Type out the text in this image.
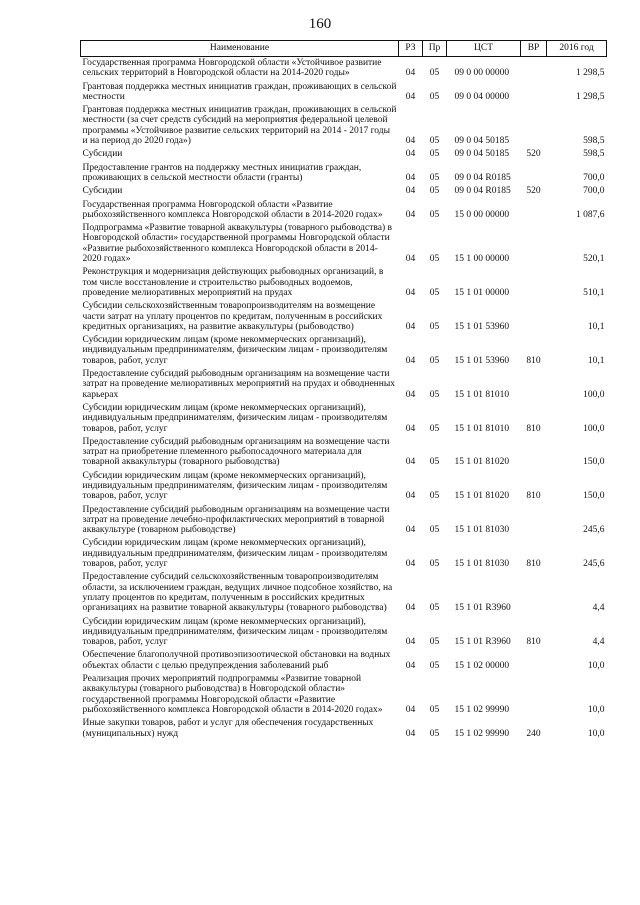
160
Наименование	РЗ	Пр	ЦСТ	ВР	2016 год
Государственная программа Новгородской области «Устойчивое развитие сельских территорий в Новгородской области на 2014-2020 годы»	04	05	09 0 00 00000		1 298,5
Грантовая поддержка местных инициатив граждан, проживающих в сельской местности	04	05	09 0 04 00000		1 298,5
Грантовая поддержка местных инициатив граждан, проживающих в сельской местности (за счет средств субсидий на мероприятия федеральной целевой программы «Устойчивое развитие сельских территорий на 2014 - 2017 годы и на период до 2020 года»)	04	05	09 0 04 50185		598,5
Субсидии	04	05	09 0 04 50185	520	598,5
Предоставление грантов на поддержку местных инициатив граждан, проживающих в сельской местности области (гранты)	04	05	09 0 04 R0185		700,0
Субсидии	04	05	09 0 04 R0185	520	700,0
Государственная программа Новгородской области «Развитие рыбохозяйственного комплекса Новгородской области в 2014-2020 годах»	04	05	15 0 00 00000		1 087,6
Подпрограмма «Развитие товарной аквакультуры (товарного рыбоводства) в Новгородской области» государственной программы Новгородской области «Развитие рыбохозяйственного комплекса Новгородской области в 2014-2020 годах»	04	05	15 1 00 00000		520,1
Реконструкция и модернизация действующих рыбоводных организаций, в том числе восстановление и строительство рыбоводных водоемов, проведение мелиоративных мероприятий на прудах	04	05	15 1 01 00000		510,1
Субсидии сельскохозяйственным товаропроизводителям на возмещение части затрат на уплату процентов по кредитам, полученным в российских кредитных организациях, на развитие аквакультуры (рыбоводство)	04	05	15 1 01 53960		10,1
Субсидии юридическим лицам (кроме некоммерческих организаций), индивидуальным предпринимателям, физическим лицам - производителям товаров, работ, услуг	04	05	15 1 01 53960	810	10,1
Предоставление субсидий рыбоводным организациям на возмещение части затрат на проведение мелиоративных мероприятий на прудах и обводненных карьерах	04	05	15 1 01 81010		100,0
Субсидии юридическим лицам (кроме некоммерческих организаций), индивидуальным предпринимателям, физическим лицам - производителям товаров, работ, услуг	04	05	15 1 01 81010	810	100,0
Предоставление субсидий рыбоводным организациям на возмещение части затрат на приобретение племенного рыбопосадочного материала для товарной аквакультуры (товарного рыбоводства)	04	05	15 1 01 81020		150,0
Субсидии юридическим лицам (кроме некоммерческих организаций), индивидуальным предпринимателям, физическим лицам - производителям товаров, работ, услуг	04	05	15 1 01 81020	810	150,0
Предоставление субсидий рыбоводным организациям на возмещение части затрат на проведение лечебно-профилактических мероприятий в товарной аквакультуре (товарном рыбоводстве)	04	05	15 1 01 81030		245,6
Субсидии юридическим лицам (кроме некоммерческих организаций), индивидуальным предпринимателям, физическим лицам - производителям товаров, работ, услуг	04	05	15 1 01 81030	810	245,6
Предоставление субсидий сельскохозяйственным товаропроизводителям области, за исключением граждан, ведущих личное подсобное хозяйство, на уплату процентов по кредитам, полученным в российских кредитных организациях на развитие товарной аквакультуры (товарного рыбоводства)	04	05	15 1 01 R3960		4,4
Субсидии юридическим лицам (кроме некоммерческих организаций), индивидуальным предпринимателям, физическим лицам - производителям товаров, работ, услуг	04	05	15 1 01 R3960	810	4,4
Обеспечение благополучной противоэпизоотической обстановки на водных объектах области с целью предупреждения заболеваний рыб	04	05	15 1 02 00000		10,0
Реализация прочих мероприятий подпрограммы «Развитие товарной аквакультуры (товарного рыбоводства) в Новгородской области» государственной программы Новгородской области «Развитие рыбохозяйственного комплекса Новгородской области в 2014-2020 годах»	04	05	15 1 02 99990		10,0
Иные закупки товаров, работ и услуг для обеспечения государственных (муниципальных) нужд	04	05	15 1 02 99990	240	10,0
